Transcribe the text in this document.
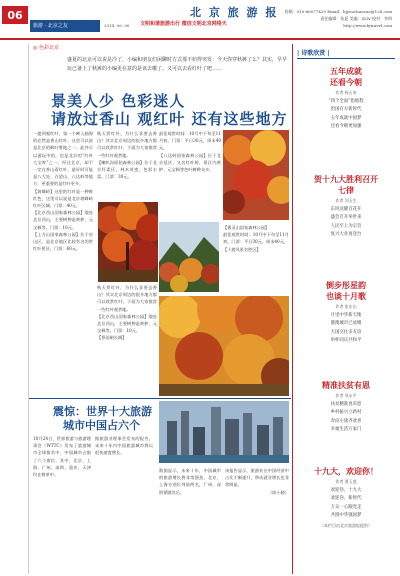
06
旅游 · 北京之友	2014. 06. 06
北 京 旅 游 报
文明和谐旅游出行 微信文明北京网络天
投稿：010-66077429 Email：bjyouchaozuo@126.com
责任编辑：张夏 美编：ZLW 校对：李明
http://www.bjtravel.com
◎ 色彩北京
盛夏的北京可以说是冷了，小编和朋友们闲聊时方式那不妨得突发：今天你穿秋裤了么？其实，早早玩已备上了秋裤的小编更在意的是该去哪了。又可以去看红叶了吧……
景美人少 色彩迷人
请放过香山 观红叶 还有这些地方

一提到观红叶，第一个映入脑海的必然是香山红叶。这里可以说是北京的枫叶胜地之一。此外可以游玩中的，也是北京的“红叶大宝库”之一。经过北京，却不一定在香山看红叶，最好时可能是八大处、百望山、八达岭等地方，更重要的是红叶更多。

【坡峰岭】这里的红叶是一种鲜红色，这里可以说是北京坡峰岭红叶区域。门票：40元。

【北京西山国家森林公园】地处北京西山，主要树种是黄栌、元宝枫等。门票：10元。

【上方山国家森林公园】位于房山区，是北京地区比较有名的赏红叶景区。门票：60元。

秋天赏红叶，为什么非要去香山？其实北京周边的很多地方都可以欣赏红叶。下面为大家推荐一些红叶观赏地。

【喇叭沟原始森林公园】位于北京怀柔区，林木茂密，色彩丰富。门票：30元。

最佳观赏时间：10月中下旬至11月初。门票：平日30元，周末40元。

【八达岭国家森林公园】位于北京延庆，又名红叶岭，景区内黄栌、元宝枫等色叶树种众多。

【雾灵山国家森林公园】

最佳观赏时间：10月中下旬至11月初。门票：平日30元，周末40元。

【十渡风景名胜区】

秋天赏红叶，为什么非要去香山？其实北京周边的很多地方都可以欣赏红叶。下面为大家推荐一些红叶观赏地。

【北京西山国家森林公园】地处北京西山，主要树种是黄栌、元宝枫等。门票：10元。

【慕田峪长城】

香山红叶
震惊：世界十大旅游
城市中国占六个

10月24日，世界旅游与旅游理事会（WTTC）发布了旅游城市全球排名中，中国城市占据了六个席位。其中，北京、上海、广州、深圳、重庆、天津均在榜单中。

据旅游业理事会发布的报告，未来十年内中国旅游城市将以很快速度增长。

数据显示，未来十年，中国城市的旅游增长将非常强劲，北京、上海分别位列前两名，广州、深圳紧随其后。

该报告显示，旅游业在中国经济中占比不断提升，带动就业增长也非常明显。

（陈小晓）

| 诗歌欣赏 |
五年成就
还看今朝
作者 杨占奎
“四个全面”指航程
治国有方新时代
五年成就中国梦
还看今朝更加强
贺十九大胜利召开
七律
作者 刘玉生
东风送暖百花开
盛会召开举世来
人民至上为宗旨
复兴大业再登台
倒步彤星韵
也谈十月歌
作者 张宏山
月里中华新天地
港澳城市已放晴
大国交往多友谊
举杯同庆共和平
精准扶贫有恩
作者 凤永平
扶贫精准真有恩
乡村振兴立新村
奔向小康齐欢喜
幸福生活万家门
十九大，欢迎你！
作者 曹玉莲
欢迎你，十九大
欢迎你，新时代
万众一心跟党走
共圆中华强国梦
（本栏目由北京旅游报提供）
